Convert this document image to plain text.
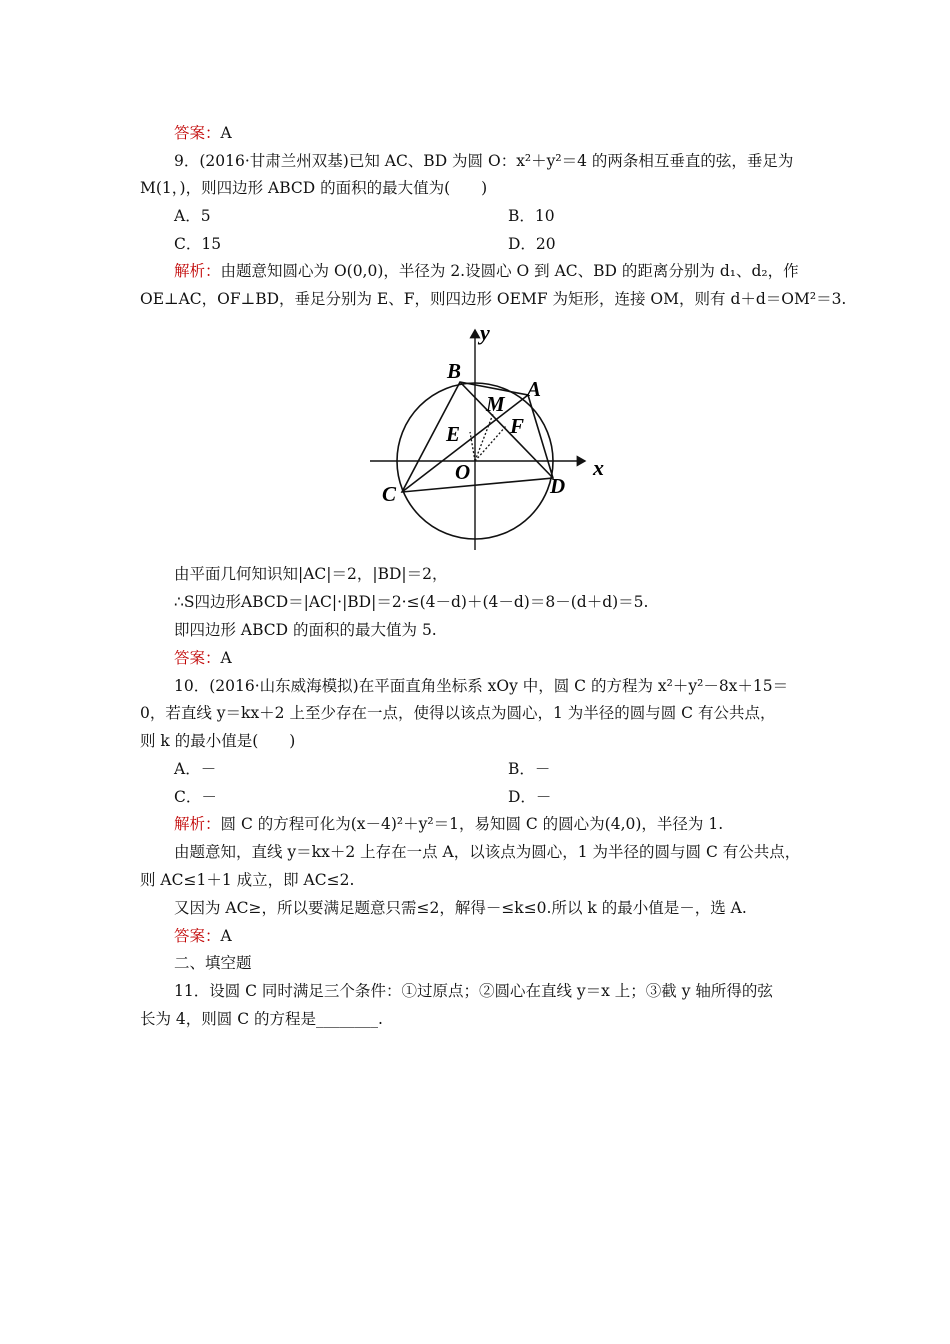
答案：A
9．(2016·甘肃兰州双基)已知 AC、BD 为圆 O：x²＋y²＝4 的两条相互垂直的弦，垂足为
M(1，)，则四边形 ABCD 的面积的最大值为(　　)
A．5	B．10
C．15	D．20
解析：由题意知圆心为 O(0,0)，半径为 2.设圆心 O 到 AC、BD 的距离分别为 d₁、d₂，作
OE⊥AC，OF⊥BD，垂足分别为 E、F，则四边形 OEMF 为矩形，连接 OM，则有 d＋d＝OM²＝3.
y
x
B
A
M
E F
O
C	D
由平面几何知识知|AC|＝2，|BD|＝2，
∴S四边形ABCD＝|AC|·|BD|＝2·≤(4－d)＋(4－d)＝8－(d＋d)＝5.
即四边形 ABCD 的面积的最大值为 5.
答案：A
10．(2016·山东威海模拟)在平面直角坐标系 xOy 中，圆 C 的方程为 x²＋y²－8x＋15＝
0，若直线 y＝kx＋2 上至少存在一点，使得以该点为圆心，1 为半径的圆与圆 C 有公共点，
则 k 的最小值是(　　)
A．－	B．－
C．－	D．－
解析：圆 C 的方程可化为(x－4)²＋y²＝1，易知圆 C 的圆心为(4,0)，半径为 1.
由题意知，直线 y＝kx＋2 上存在一点 A，以该点为圆心，1 为半径的圆与圆 C 有公共点，
则 AC≤1＋1 成立，即 AC≤2.
又因为 AC≥，所以要满足题意只需≤2，解得－≤k≤0.所以 k 的最小值是－，选 A.
答案：A
二、填空题
11．设圆 C 同时满足三个条件：①过原点；②圆心在直线 y＝x 上；③截 y 轴所得的弦
长为 4，则圆 C 的方程是________.
